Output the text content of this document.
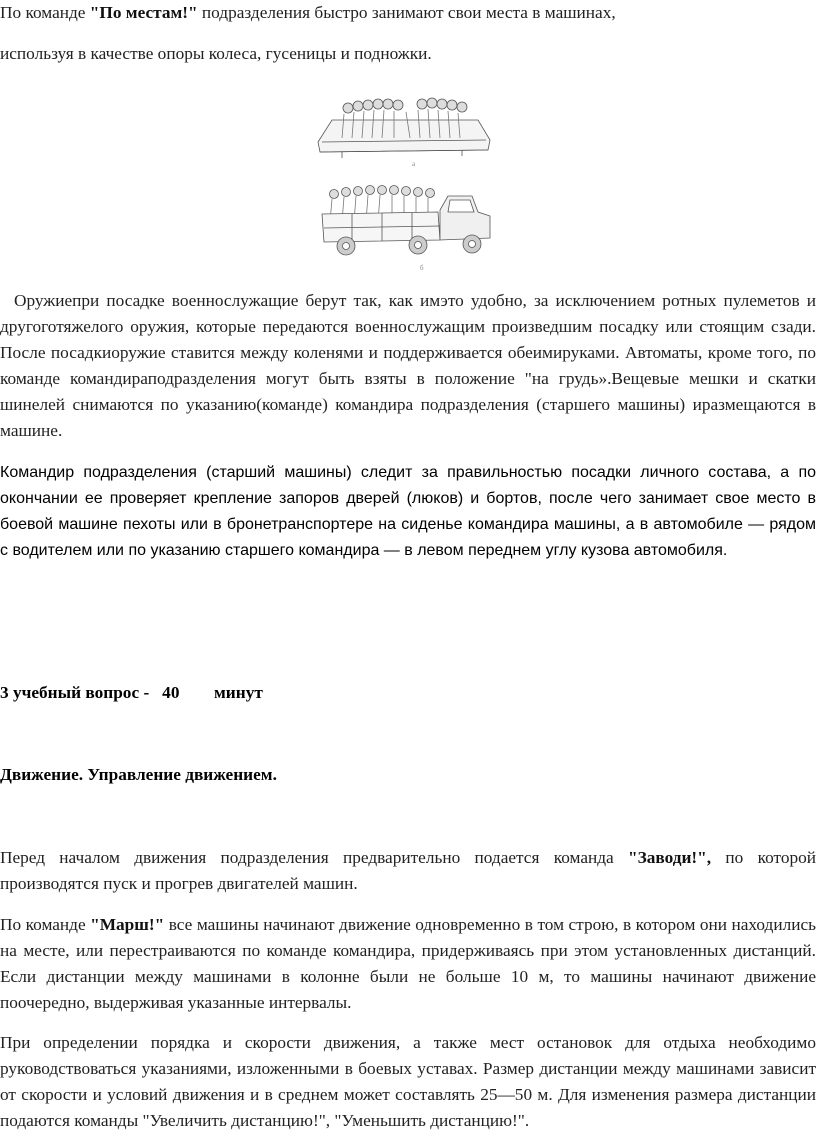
По команде "По местам!" подразделения быстро занимают свои места в машинах,

используя в качестве опоры колеса, гусеницы и подножки.

а
б

Оружиепри посадке военнослужащие берут так, как имэто удобно, за исключением ротных пулеметов и другоготяжелого оружия, которые передаются военнослужащим произведшим посадку или стоящим сзади. После посадкиоружие ставится между коленями и поддерживается обеимируками. Автоматы, кроме того, по команде командираподразделения могут быть взяты в положение "на грудь».Вещевые мешки и скатки шинелей снимаются по указанию(команде) командира подразделения (старшего машины) иразмещаются в машине.

Командир подразделения (старший машины) следит за правильностью посадки личного состава, а по окончании ее проверяет крепление запоров дверей (люков) и бортов, после чего занимает свое место в боевой машине пехоты или в бронетранспортере на сиденье командира машины, а в автомобиле — рядом с водителем или по указанию старшего командира — в левом переднем углу кузова автомобиля.

3 учебный вопрос - 40 минут
Движение. Управление движением.

Перед началом движения подразделения предварительно подается команда "Заводи!", по которой производятся пуск и прогрев двигателей машин.

По команде "Марш!" все машины начинают движение одновременно в том строю, в котором они находились на месте, или перестраиваются по команде командира, придерживаясь при этом установленных дистанций. Если дистанции между машинами в колонне были не больше 10 м, то машины начинают движение поочередно, выдерживая указанные интервалы.

При определении порядка и скорости движения, а также мест остановок для отдыха необходимо руководствоваться указаниями, изложенными в боевых уставах. Размер дистанции между машинами зависит от скорости и условий движения и в среднем может составлять 25—50 м. Для изменения размера дистанции подаются команды "Увеличить дистанцию!", "Уменьшить дистанцию!".
